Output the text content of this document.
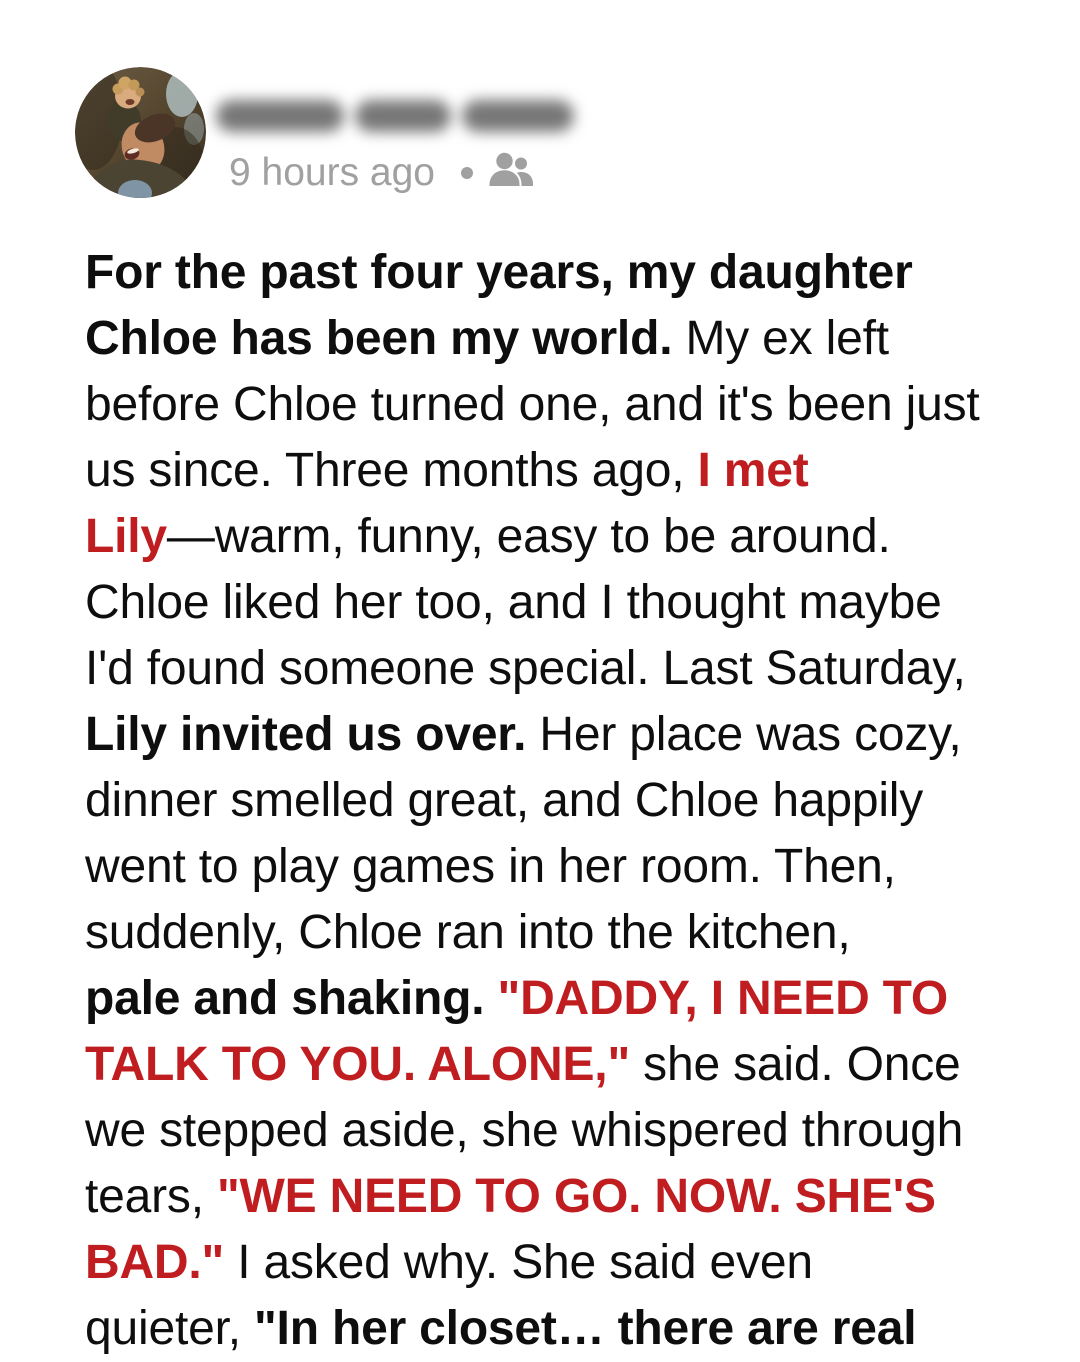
9 hours ago
For the past four years, my daughter
Chloe has been my world. My ex left
before Chloe turned one, and it's been just
us since. Three months ago, I met
Lily—warm, funny, easy to be around.
Chloe liked her too, and I thought maybe
I'd found someone special. Last Saturday,
Lily invited us over. Her place was cozy,
dinner smelled great, and Chloe happily
went to play games in her room. Then,
suddenly, Chloe ran into the kitchen,
pale and shaking. "DADDY, I NEED TO
TALK TO YOU. ALONE," she said. Once
we stepped aside, she whispered through
tears, "WE NEED TO GO. NOW. SHE'S
BAD." I asked why. She said even
quieter, "In her closet… there are real
